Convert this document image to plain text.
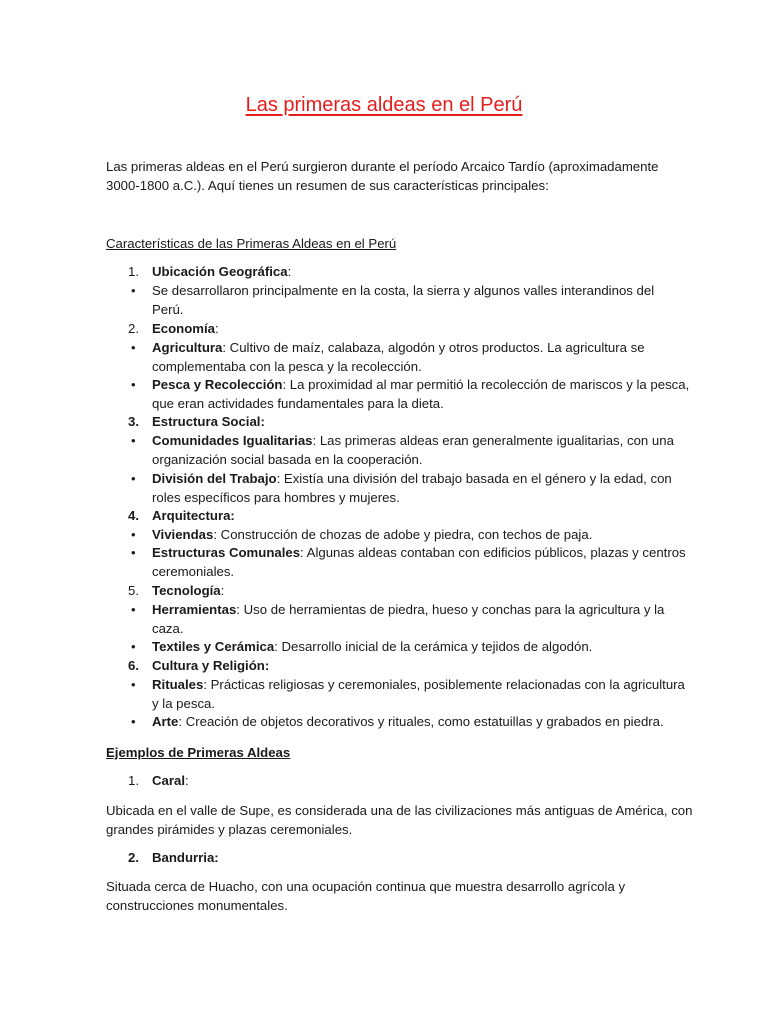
Las primeras aldeas en el Perú
Las primeras aldeas en el Perú surgieron durante el período Arcaico Tardío (aproximadamente
3000-1800 a.C.). Aquí tienes un resumen de sus características principales:
Características de las Primeras Aldeas en el Perú
1. Ubicación Geográfica:
•	Se desarrollaron principalmente en la costa, la sierra y algunos valles interandinos del
Perú.
2. Economía:
•	Agricultura: Cultivo de maíz, calabaza, algodón y otros productos. La agricultura se
complementaba con la pesca y la recolección.
•	Pesca y Recolección: La proximidad al mar permitió la recolección de mariscos y la pesca,
que eran actividades fundamentales para la dieta.
3. Estructura Social:
•	Comunidades Igualitarias: Las primeras aldeas eran generalmente igualitarias, con una
organización social basada en la cooperación.
•	División del Trabajo: Existía una división del trabajo basada en el género y la edad, con
roles específicos para hombres y mujeres.
4. Arquitectura:
•	Viviendas: Construcción de chozas de adobe y piedra, con techos de paja.
•	Estructuras Comunales: Algunas aldeas contaban con edificios públicos, plazas y centros
ceremoniales.
5. Tecnología:
•	Herramientas: Uso de herramientas de piedra, hueso y conchas para la agricultura y la
caza.
•	Textiles y Cerámica: Desarrollo inicial de la cerámica y tejidos de algodón.
6. Cultura y Religión:
•	Rituales: Prácticas religiosas y ceremoniales, posiblemente relacionadas con la agricultura
y la pesca.
•	Arte: Creación de objetos decorativos y rituales, como estatuillas y grabados en piedra.
Ejemplos de Primeras Aldeas
1. Caral:
Ubicada en el valle de Supe, es considerada una de las civilizaciones más antiguas de América, con
grandes pirámides y plazas ceremoniales.
2. Bandurria:
Situada cerca de Huacho, con una ocupación continua que muestra desarrollo agrícola y
construcciones monumentales.
